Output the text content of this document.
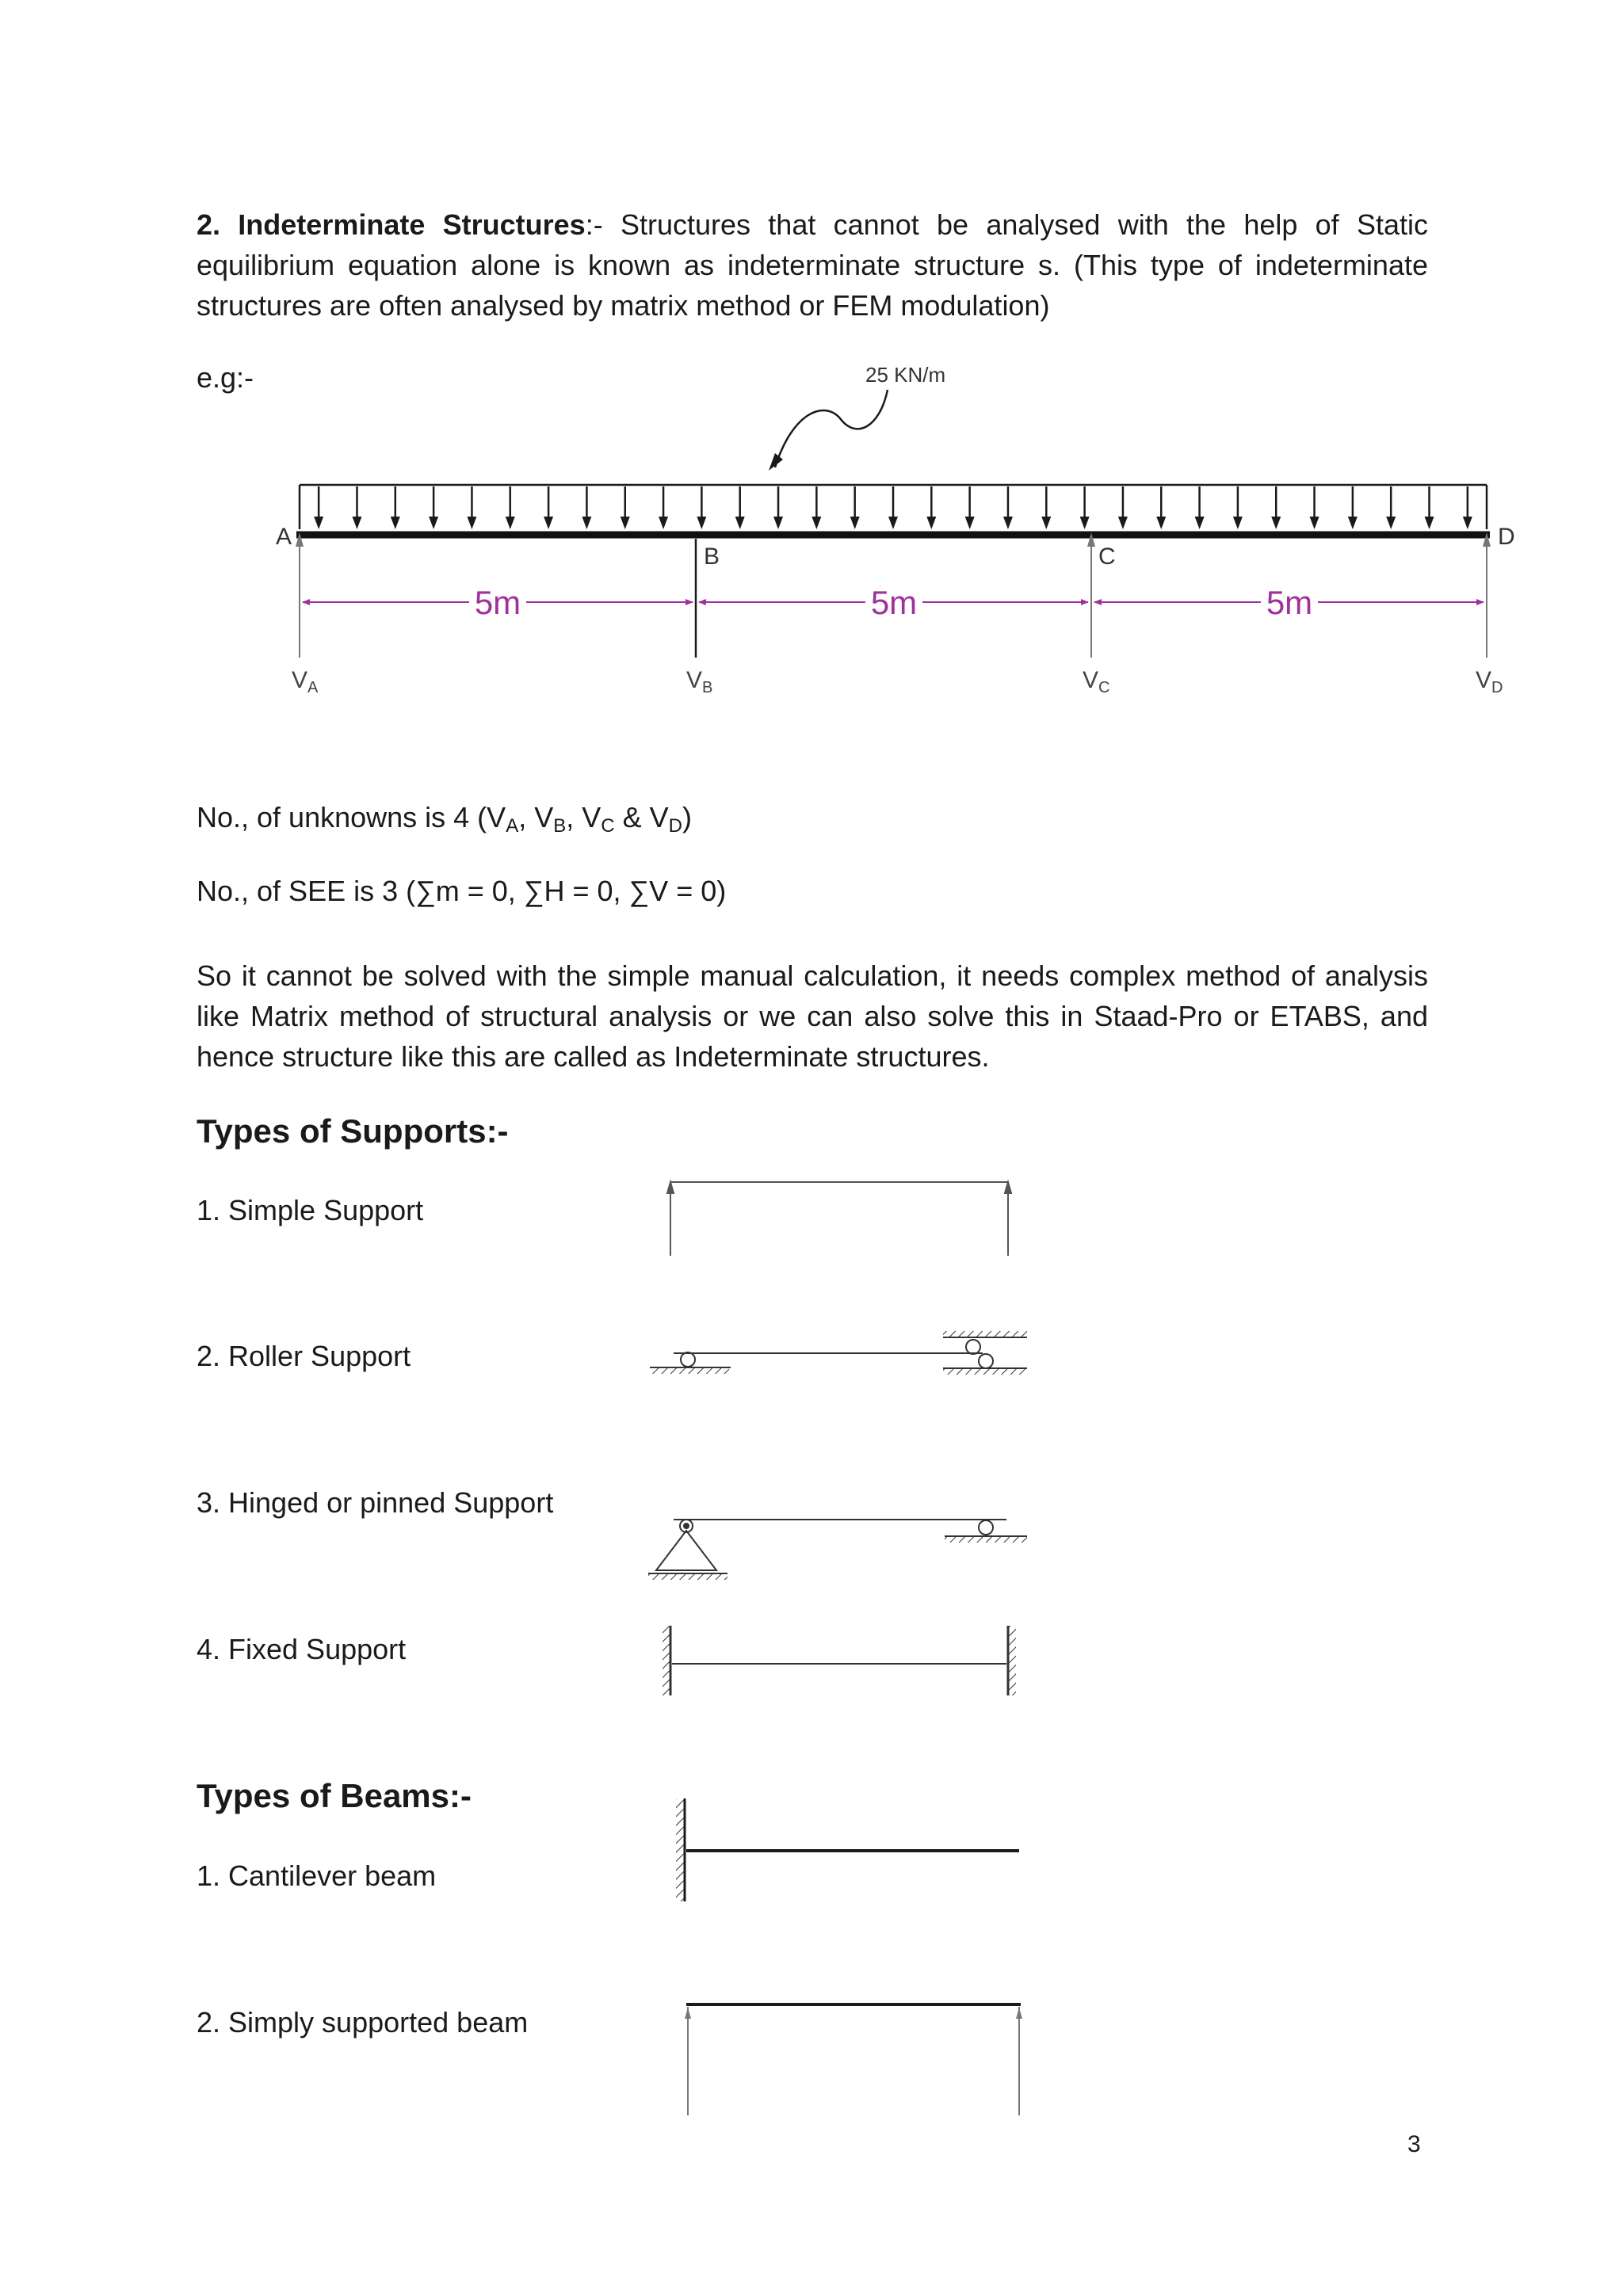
2. Indeterminate Structures:- Structures that cannot be analysed with the help of Static equilibrium equation alone is known as indeterminate structure s. (This type of indeterminate structures are often analysed by matrix method or FEM modulation)

e.g:-

No., of unknowns is 4 ($V_A$, $V_B$, $V_C$ & $V_D$)

No., of SEE is 3 (∑m = 0, ∑H = 0, ∑V = 0)

So it cannot be solved with the simple manual calculation, it needs complex method of analysis like Matrix method of structural analysis or we can also solve this in Staad-Pro or ETABS, and hence structure like this are called as Indeterminate structures.

Types of Supports:-

1. Simple Support

2. Roller Support

3. Hinged or pinned Support

4. Fixed Support

Types of Beams:-

1. Cantilever beam

2. Simply supported beam

3
25 KN/m
A
B	C
D
5m	5m	5m
$V_A$	$V_B$	$V_C$	$V_D$
